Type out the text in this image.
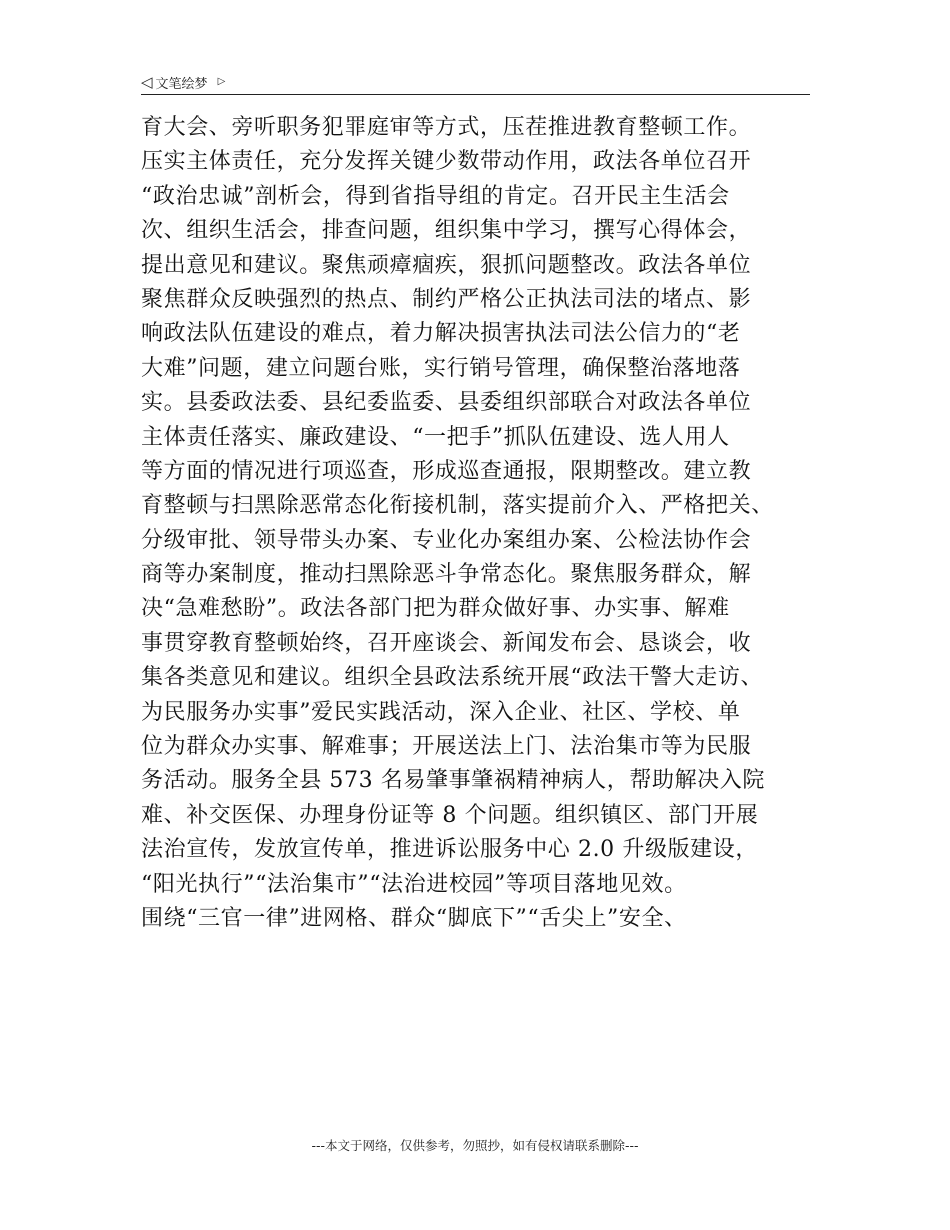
◁ 文笔绘梦 ▷
育大会、旁听职务犯罪庭审等方式，压茬推进教育整顿工作。
压实主体责任，充分发挥关键少数带动作用，政法各单位召开
“政治忠诚”剖析会，得到省指导组的肯定。召开民主生活会
次、组织生活会，排查问题，组织集中学习，撰写心得体会，
提出意见和建议。聚焦顽瘴痼疾，狠抓问题整改。政法各单位
聚焦群众反映强烈的热点、制约严格公正执法司法的堵点、影
响政法队伍建设的难点，着力解决损害执法司法公信力的“老
大难”问题，建立问题台账，实行销号管理，确保整治落地落
实。县委政法委、县纪委监委、县委组织部联合对政法各单位
主体责任落实、廉政建设、“一把手”抓队伍建设、选人用人
等方面的情况进行项巡查，形成巡查通报，限期整改。建立教
育整顿与扫黑除恶常态化衔接机制，落实提前介入、严格把关、
分级审批、领导带头办案、专业化办案组办案、公检法协作会
商等办案制度，推动扫黑除恶斗争常态化。聚焦服务群众，解
决“急难愁盼”。政法各部门把为群众做好事、办实事、解难
事贯穿教育整顿始终，召开座谈会、新闻发布会、恳谈会，收
集各类意见和建议。组织全县政法系统开展“政法干警大走访、
为民服务办实事”爱民实践活动，深入企业、社区、学校、单
位为群众办实事、解难事；开展送法上门、法治集市等为民服
务活动。服务全县 573 名易肇事肇祸精神病人，帮助解决入院
难、补交医保、办理身份证等 8 个问题。组织镇区、部门开展
法治宣传，发放宣传单，推进诉讼服务中心 2.0 升级版建设，
“阳光执行”“法治集市”“法治进校园”等项目落地见效。
围绕“三官一律”进网格、群众“脚底下”“舌尖上”安全、
---本文于网络，仅供参考，勿照抄，如有侵权请联系删除---
